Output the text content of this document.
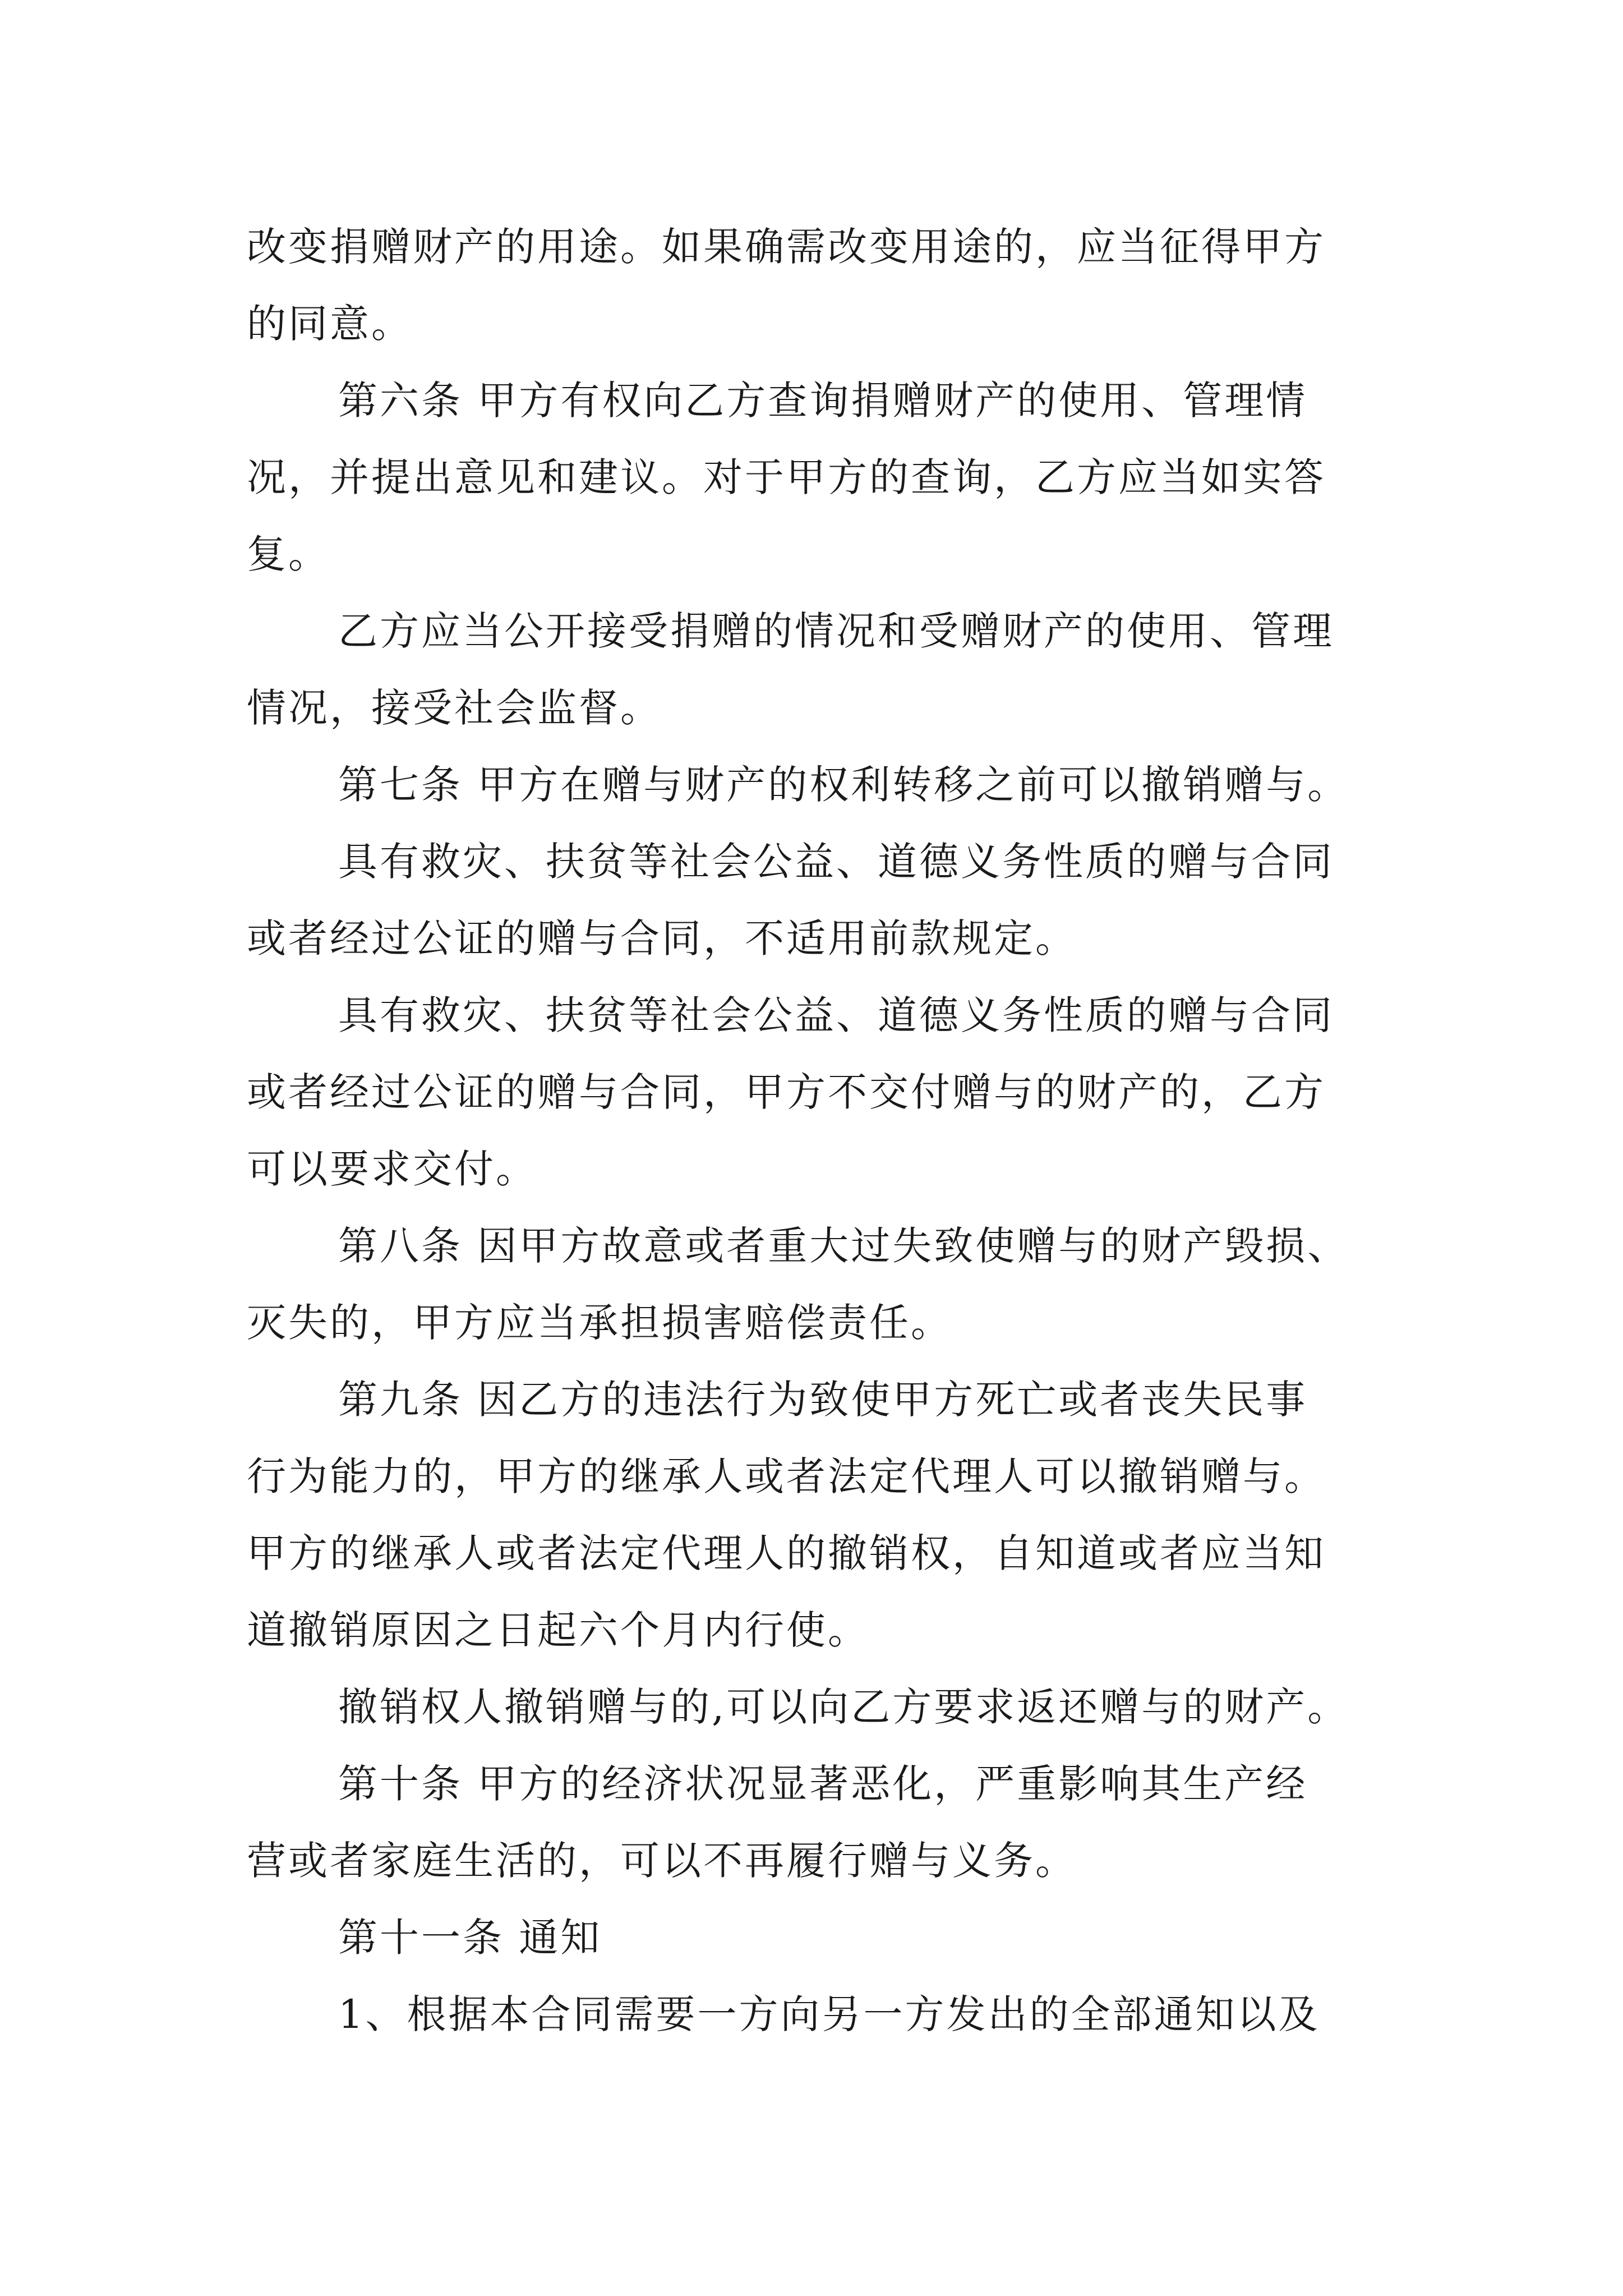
改变捐赠财产的用途。如果确需改变用途的，应当征得甲方
的同意。
第六条 甲方有权向乙方查询捐赠财产的使用、管理情
况，并提出意见和建议。对于甲方的查询，乙方应当如实答
复。
乙方应当公开接受捐赠的情况和受赠财产的使用、管理
情况，接受社会监督。
第七条 甲方在赠与财产的权利转移之前可以撤销赠与。
具有救灾、扶贫等社会公益、道德义务性质的赠与合同
或者经过公证的赠与合同，不适用前款规定。
具有救灾、扶贫等社会公益、道德义务性质的赠与合同
或者经过公证的赠与合同，甲方不交付赠与的财产的，乙方
可以要求交付。
第八条 因甲方故意或者重大过失致使赠与的财产毁损、
灭失的，甲方应当承担损害赔偿责任。
第九条 因乙方的违法行为致使甲方死亡或者丧失民事
行为能力的，甲方的继承人或者法定代理人可以撤销赠与。
甲方的继承人或者法定代理人的撤销权，自知道或者应当知
道撤销原因之日起六个月内行使。
撤销权人撤销赠与的,可以向乙方要求返还赠与的财产。
第十条 甲方的经济状况显著恶化，严重影响其生产经
营或者家庭生活的，可以不再履行赠与义务。
第十一条 通知
1、根据本合同需要一方向另一方发出的全部通知以及
